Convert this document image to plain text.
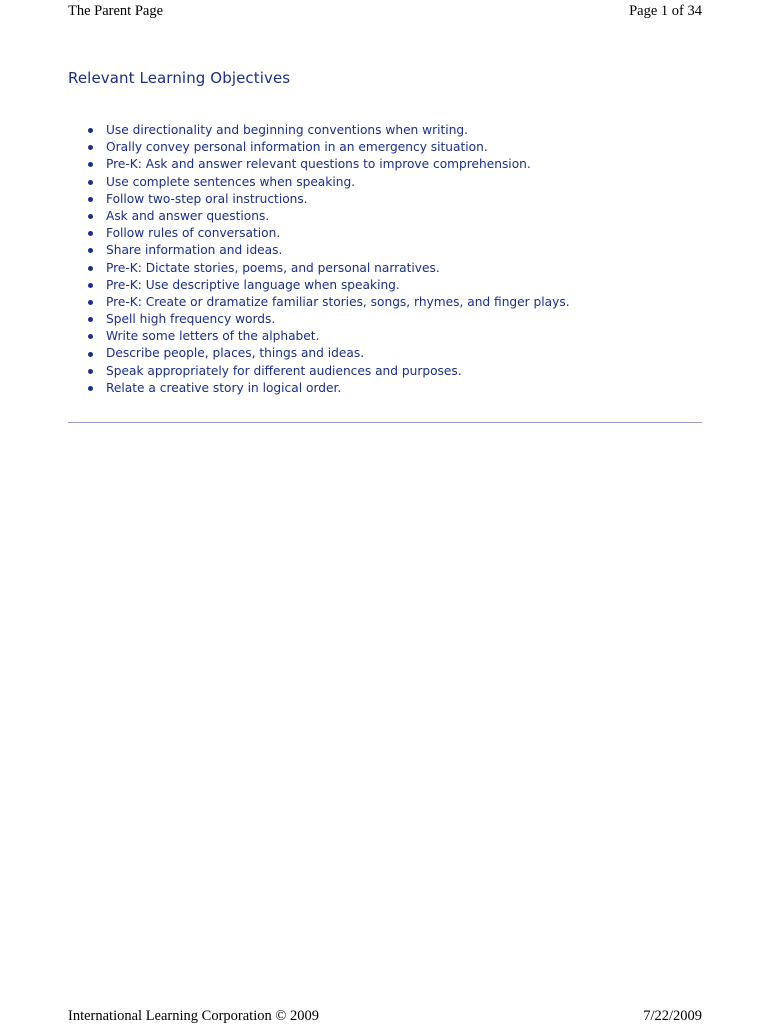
The Parent Page	Page 1 of 34
Relevant Learning Objectives
Use directionality and beginning conventions when writing.
Orally convey personal information in an emergency situation.
Pre-K: Ask and answer relevant questions to improve comprehension.
Use complete sentences when speaking.
Follow two-step oral instructions.
Ask and answer questions.
Follow rules of conversation.
Share information and ideas.
Pre-K: Dictate stories, poems, and personal narratives.
Pre-K: Use descriptive language when speaking.
Pre-K: Create or dramatize familiar stories, songs, rhymes, and finger plays.
Spell high frequency words.
Write some letters of the alphabet.
Describe people, places, things and ideas.
Speak appropriately for different audiences and purposes.
Relate a creative story in logical order.
International Learning Corporation © 2009	7/22/2009
